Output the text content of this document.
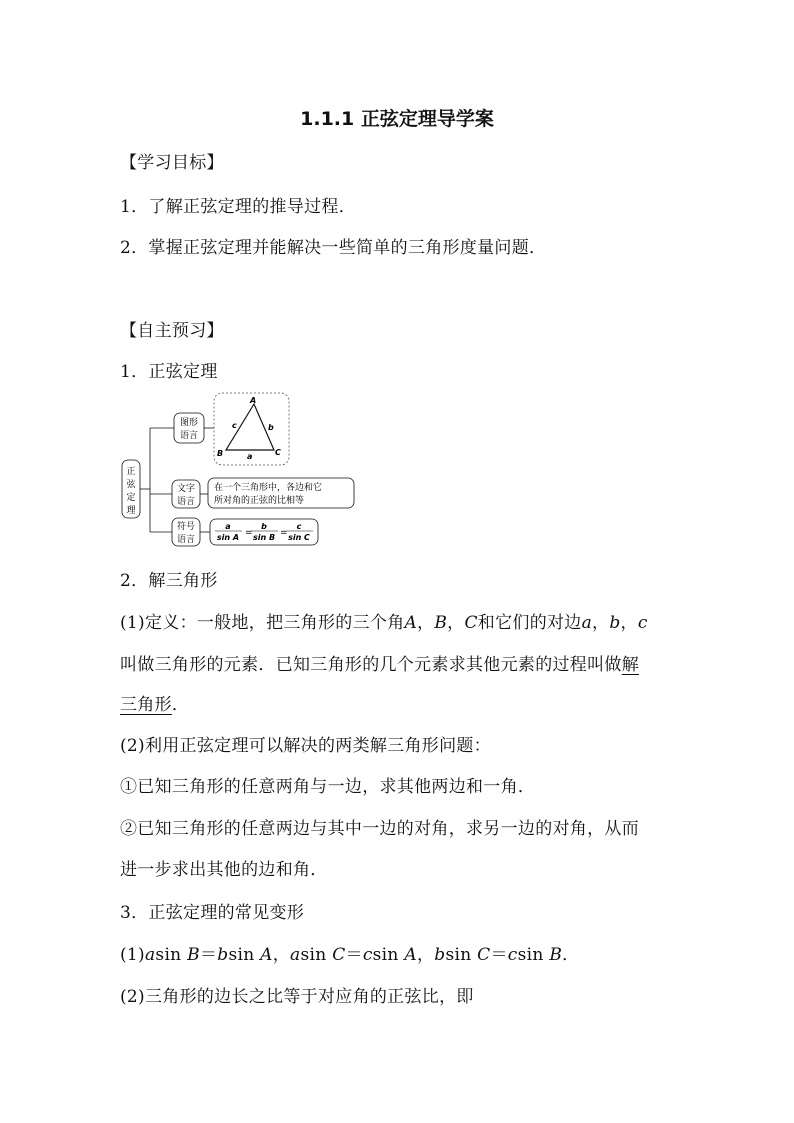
1.1.1 正弦定理导学案
【学习目标】
1．了解正弦定理的推导过程．
2．掌握正弦定理并能解决一些简单的三角形度量问题．
【自主预习】
1．正弦定理
正
弦
定
理
图形
语言
A
B	C
a
b
c
文字
语言
在一个三角形中，各边和它
所对角的正弦的比相等
符号
语言
a
sin A =
b
sin B =
c
sin C
2．解三角形
(1)定义：一般地，把三角形的三个角A，B，C和它们的对边a，b，c
叫做三角形的元素．已知三角形的几个元素求其他元素的过程叫做解
三角形．
(2)利用正弦定理可以解决的两类解三角形问题：
①已知三角形的任意两角与一边，求其他两边和一角．
②已知三角形的任意两边与其中一边的对角，求另一边的对角，从而
进一步求出其他的边和角．
3．正弦定理的常见变形
(1)asin B＝bsin A，asin C＝csin A，bsin C＝csin B．
(2)三角形的边长之比等于对应角的正弦比，即
